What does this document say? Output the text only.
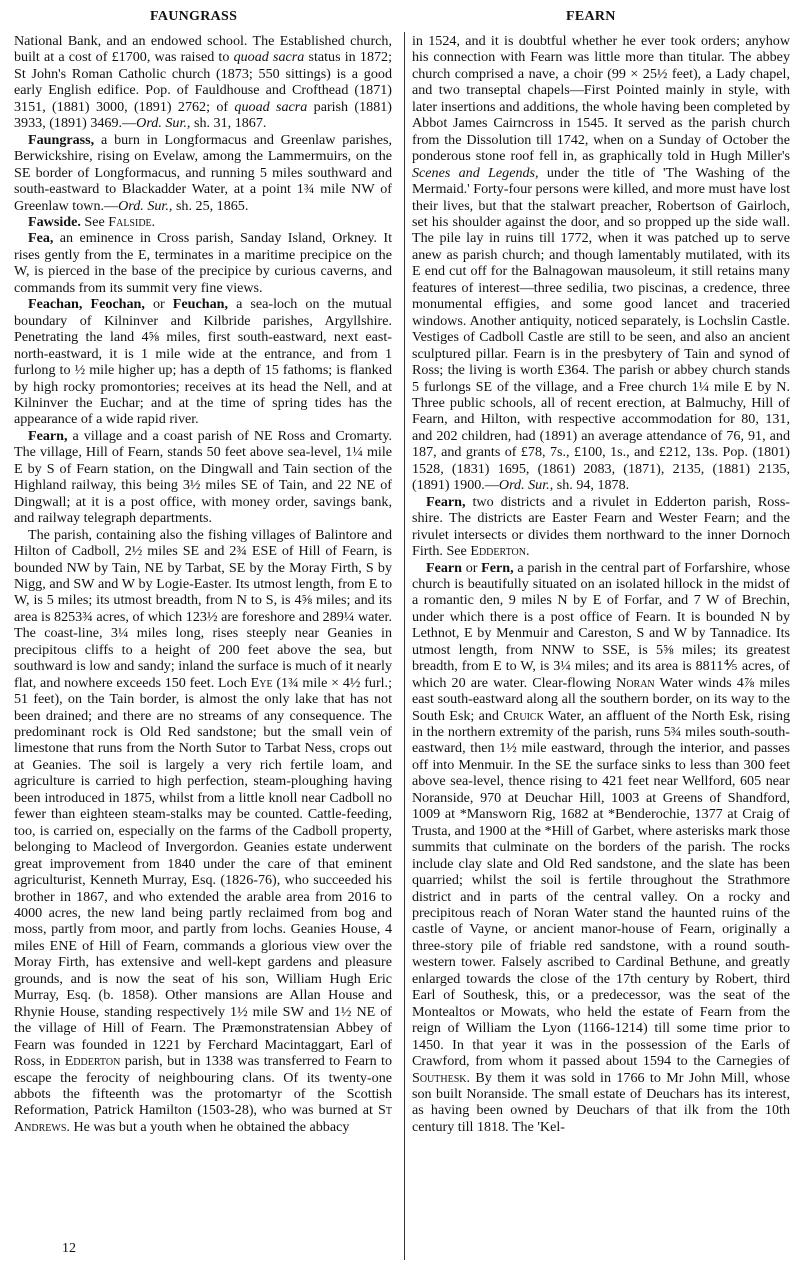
FAUNGRASS	FEARN

National Bank, and an endowed school. The Established church, built at a cost of £1700, was raised to quoad sacra status in 1872; St John's Roman Catholic church (1873; 550 sittings) is a good early English edifice. Pop. of Fauldhouse and Crofthead (1871) 3151, (1881) 3000, (1891) 2762; of quoad sacra parish (1881) 3933, (1891) 3469.—Ord. Sur., sh. 31, 1867.

Faungrass, a burn in Longformacus and Greenlaw parishes, Berwickshire, rising on Evelaw, among the Lammermuirs, on the SE border of Longformacus, and running 5 miles southward and south-eastward to Blackadder Water, at a point 1¾ mile NW of Greenlaw town.—Ord. Sur., sh. 25, 1865.

Fawside. See Falside.

Fea, an eminence in Cross parish, Sanday Island, Orkney. It rises gently from the E, terminates in a maritime precipice on the W, is pierced in the base of the precipice by curious caverns, and commands from its summit very fine views.

Feachan, Feochan, or Feuchan, a sea-loch on the mutual boundary of Kilninver and Kilbride parishes, Argyllshire. Penetrating the land 4⅝ miles, first south-eastward, next east-north-eastward, it is 1 mile wide at the entrance, and from 1 furlong to ½ mile higher up; has a depth of 15 fathoms; is flanked by high rocky promontories; receives at its head the Nell, and at Kilninver the Euchar; and at the time of spring tides has the appearance of a wide rapid river.

Fearn, a village and a coast parish of NE Ross and Cromarty. The village, Hill of Fearn, stands 50 feet above sea-level, 1¼ mile E by S of Fearn station, on the Dingwall and Tain section of the Highland railway, this being 3½ miles SE of Tain, and 22 NE of Dingwall; at it is a post office, with money order, savings bank, and railway telegraph departments.

The parish, containing also the fishing villages of Balintore and Hilton of Cadboll, 2½ miles SE and 2¾ ESE of Hill of Fearn, is bounded NW by Tain, NE by Tarbat, SE by the Moray Firth, S by Nigg, and SW and W by Logie-Easter. Its utmost length, from E to W, is 5 miles; its utmost breadth, from N to S, is 4⅝ miles; and its area is 8253¾ acres, of which 123½ are foreshore and 289¼ water. The coast-line, 3¼ miles long, rises steeply near Geanies in precipitous cliffs to a height of 200 feet above the sea, but southward is low and sandy; inland the surface is much of it nearly flat, and nowhere exceeds 150 feet. Loch Eye (1¾ mile × 4½ furl.; 51 feet), on the Tain border, is almost the only lake that has not been drained; and there are no streams of any consequence. The predominant rock is Old Red sandstone; but the small vein of limestone that runs from the North Sutor to Tarbat Ness, crops out at Geanies. The soil is largely a very rich fertile loam, and agriculture is carried to high perfection, steam-ploughing having been introduced in 1875, whilst from a little knoll near Cadboll no fewer than eighteen steam-stalks may be counted. Cattle-feeding, too, is carried on, especially on the farms of the Cadboll property, belonging to Macleod of Invergordon. Geanies estate underwent great improvement from 1840 under the care of that eminent agriculturist, Kenneth Murray, Esq. (1826-76), who succeeded his brother in 1867, and who extended the arable area from 2016 to 4000 acres, the new land being partly reclaimed from bog and moss, partly from moor, and partly from lochs. Geanies House, 4 miles ENE of Hill of Fearn, commands a glorious view over the Moray Firth, has extensive and well-kept gardens and pleasure grounds, and is now the seat of his son, William Hugh Eric Murray, Esq. (b. 1858). Other mansions are Allan House and Rhynie House, standing respectively 1½ mile SW and 1½ NE of the village of Hill of Fearn. The Præmonstratensian Abbey of Fearn was founded in 1221 by Ferchard Macintaggart, Earl of Ross, in Edderton parish, but in 1338 was transferred to Fearn to escape the ferocity of neighbouring clans. Of its twenty-one abbots the fifteenth was the protomartyr of the Scottish Reformation, Patrick Hamilton (1503-28), who was burned at St Andrews. He was but a youth when he obtained the abbacy

in 1524, and it is doubtful whether he ever took orders; anyhow his connection with Fearn was little more than titular. The abbey church comprised a nave, a choir (99 × 25½ feet), a Lady chapel, and two transeptal chapels—First Pointed mainly in style, with later insertions and additions, the whole having been completed by Abbot James Cairncross in 1545. It served as the parish church from the Dissolution till 1742, when on a Sunday of October the ponderous stone roof fell in, as graphically told in Hugh Miller's Scenes and Legends, under the title of 'The Washing of the Mermaid.' Forty-four persons were killed, and more must have lost their lives, but that the stalwart preacher, Robertson of Gairloch, set his shoulder against the door, and so propped up the side wall. The pile lay in ruins till 1772, when it was patched up to serve anew as parish church; and though lamentably mutilated, with its E end cut off for the Balnagowan mausoleum, it still retains many features of interest—three sedilia, two piscinas, a credence, three monumental effigies, and some good lancet and traceried windows. Another antiquity, noticed separately, is Lochslin Castle. Vestiges of Cadboll Castle are still to be seen, and also an ancient sculptured pillar. Fearn is in the presbytery of Tain and synod of Ross; the living is worth £364. The parish or abbey church stands 5 furlongs SE of the village, and a Free church 1¼ mile E by N. Three public schools, all of recent erection, at Balmuchy, Hill of Fearn, and Hilton, with respective accommodation for 80, 131, and 202 children, had (1891) an average attendance of 76, 91, and 187, and grants of £78, 7s., £100, 1s., and £212, 13s. Pop. (1801) 1528, (1831) 1695, (1861) 2083, (1871), 2135, (1881) 2135, (1891) 1900.—Ord. Sur., sh. 94, 1878.

Fearn, two districts and a rivulet in Edderton parish, Ross-shire. The districts are Easter Fearn and Wester Fearn; and the rivulet intersects or divides them northward to the inner Dornoch Firth. See Edderton.

Fearn or Fern, a parish in the central part of Forfarshire, whose church is beautifully situated on an isolated hillock in the midst of a romantic den, 9 miles N by E of Forfar, and 7 W of Brechin, under which there is a post office of Fearn. It is bounded N by Lethnot, E by Menmuir and Careston, S and W by Tannadice. Its utmost length, from NNW to SSE, is 5⅝ miles; its greatest breadth, from E to W, is 3¼ miles; and its area is 8811⅘ acres, of which 20 are water. Clear-flowing Noran Water winds 4⅞ miles east south-eastward along all the southern border, on its way to the South Esk; and Cruick Water, an affluent of the North Esk, rising in the northern extremity of the parish, runs 5¾ miles south-south-eastward, then 1½ mile eastward, through the interior, and passes off into Menmuir. In the SE the surface sinks to less than 300 feet above sea-level, thence rising to 421 feet near Wellford, 605 near Noranside, 970 at Deuchar Hill, 1003 at Greens of Shandford, 1009 at *Mansworn Rig, 1682 at *Benderochie, 1377 at Craig of Trusta, and 1900 at the *Hill of Garbet, where asterisks mark those summits that culminate on the borders of the parish. The rocks include clay slate and Old Red sandstone, and the slate has been quarried; whilst the soil is fertile throughout the Strathmore district and in parts of the central valley. On a rocky and precipitous reach of Noran Water stand the haunted ruins of the castle of Vayne, or ancient manor-house of Fearn, originally a three-story pile of friable red sandstone, with a round south-western tower. Falsely ascribed to Cardinal Bethune, and greatly enlarged towards the close of the 17th century by Robert, third Earl of Southesk, this, or a predecessor, was the seat of the Montealtos or Mowats, who held the estate of Fearn from the reign of William the Lyon (1166-1214) till some time prior to 1450. In that year it was in the possession of the Earls of Crawford, from whom it passed about 1594 to the Carnegies of Southesk. By them it was sold in 1766 to Mr John Mill, whose son built Noranside. The small estate of Deuchars has its interest, as having been owned by Deuchars of that ilk from the 10th century till 1818. The 'Kel-

12
